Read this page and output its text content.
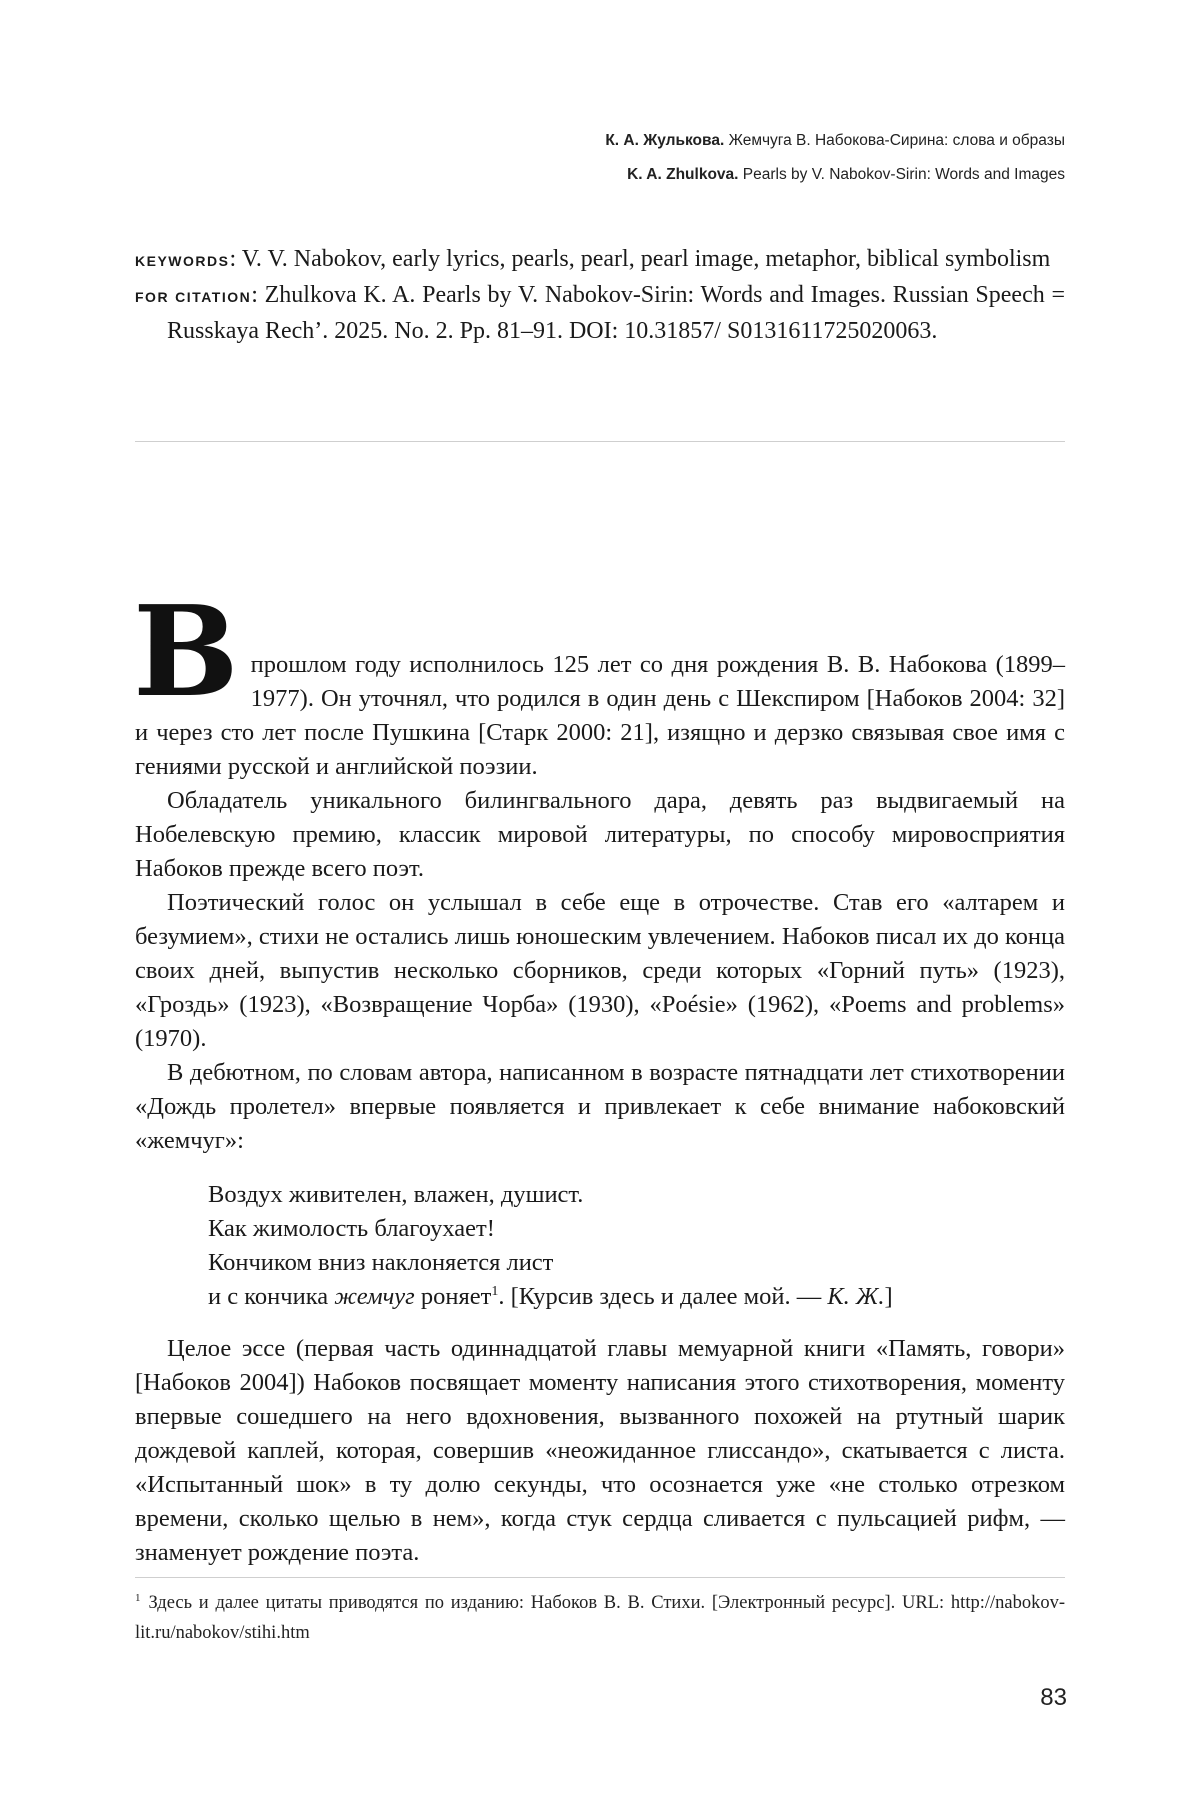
К. А. Жулькова. Жемчуга В. Набокова-Сирина: слова и образы
K. A. Zhulkova. Pearls by V. Nabokov-Sirin: Words and Images

KEYWORDS: V. V. Nabokov, early lyrics, pearls, pearl, pearl image, metaphor, biblical symbolism

FOR CITATION: Zhulkova K. A. Pearls by V. Nabokov-Sirin: Words and Images. Russian Speech = Russkaya Rech’. 2025. No. 2. Pp. 81–91. DOI: 10.31857/ S0131611725020063.

Впрошлом году исполнилось 125 лет со дня рождения В. В. Набокова (1899–1977). Он уточнял, что родился в один день с Шекспиром [Набоков 2004: 32] и через сто лет после Пушкина [Старк 2000: 21], изящно и дерзко связывая свое имя с гениями русской и английской поэзии.

Обладатель уникального билингвального дара, девять раз выдвигаемый на Нобелевскую премию, классик мировой литературы, по способу мировосприятия Набоков прежде всего поэт.

Поэтический голос он услышал в себе еще в отрочестве. Став его «алтарем и безумием», стихи не остались лишь юношеским увлечением. Набоков писал их до конца своих дней, выпустив несколько сборников, среди которых «Горний путь» (1923), «Гроздь» (1923), «Возвращение Чорба» (1930), «Poésie» (1962), «Poems and problems» (1970).

В дебютном, по словам автора, написанном в возрасте пятнадцати лет стихотворении «Дождь пролетел» впервые появляется и привлекает к себе внимание набоковский «жемчуг»:

Воздух живителен, влажен, душист.
Как жимолость благоухает!
Кончиком вниз наклоняется лист
и с кончика жемчуг роняет$^1$. [Курсив здесь и далее мой. — К. Ж.]

Целое эссе (первая часть одиннадцатой главы мемуарной книги «Память, говори» [Набоков 2004]) Набоков посвящает моменту написания этого стихотворения, моменту впервые сошедшего на него вдохновения, вызванного похожей на ртутный шарик дождевой каплей, которая, совершив «неожиданное глиссандо», скатывается с листа. «Испытанный шок» в ту долю секунды, что осознается уже «не столько отрезком времени, сколько щелью в нем», когда стук сердца сливается с пульсацией рифм, — знаменует рождение поэта.

$^1$ Здесь и далее цитаты приводятся по изданию: Набоков В. В. Стихи. [Электронный ресурс]. URL: http://nabokov-lit.ru/nabokov/stihi.htm
83
